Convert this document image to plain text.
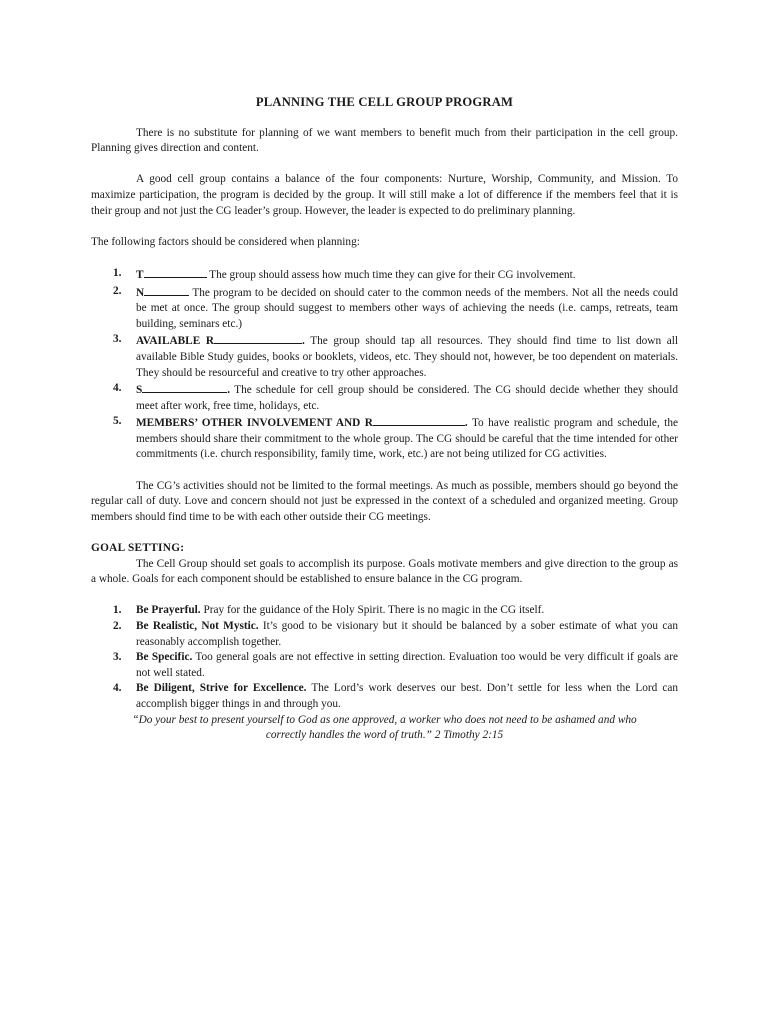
PLANNING THE CELL GROUP PROGRAM

There is no substitute for planning of we want members to benefit much from their participation in the cell group. Planning gives direction and content.

A good cell group contains a balance of the four components: Nurture, Worship, Community, and Mission. To maximize participation, the program is decided by the group. It will still make a lot of difference if the members feel that it is their group and not just the CG leader’s group. However, the leader is expected to do preliminary planning.

The following factors should be considered when planning:

1. T	The group should assess how much time they can give for their CG involvement.
2. N	The program to be decided on should cater to the common needs of the members. Not all the needs could be met at once. The group should suggest to members other ways of achieving the needs (i.e. camps, retreats, team building, seminars etc.)
3. AVAILABLE R	. The group should tap all resources. They should find time to list down all available Bible Study guides, books or booklets, videos, etc. They should not, however, be too dependent on materials. They should be resourceful and creative to try other approaches.
4. S	. The schedule for cell group should be considered. The CG should decide whether they should meet after work, free time, holidays, etc.
5. MEMBERS’ OTHER INVOLVEMENT AND R	. To have realistic program and schedule, the members should share their commitment to the whole group. The CG should be careful that the time intended for other commitments (i.e. church responsibility, family time, work, etc.) are not being utilized for CG activities.

The CG’s activities should not be limited to the formal meetings. As much as possible, members should go beyond the regular call of duty. Love and concern should not just be expressed in the context of a scheduled and organized meeting. Group members should find time to be with each other outside their CG meetings.

GOAL SETTING:

The Cell Group should set goals to accomplish its purpose. Goals motivate members and give direction to the group as a whole. Goals for each component should be established to ensure balance in the CG program.

1. Be Prayerful. Pray for the guidance of the Holy Spirit. There is no magic in the CG itself.
2. Be Realistic, Not Mystic. It’s good to be visionary but it should be balanced by a sober estimate of what you can reasonably accomplish together.
3. Be Specific. Too general goals are not effective in setting direction. Evaluation too would be very difficult if goals are not well stated.
4. Be Diligent, Strive for Excellence. The Lord’s work deserves our best. Don’t settle for less when the Lord can accomplish bigger things in and through you.
“Do your best to present yourself to God as one approved, a worker who does not need to be ashamed and who
correctly handles the word of truth.” 2 Timothy 2:15
